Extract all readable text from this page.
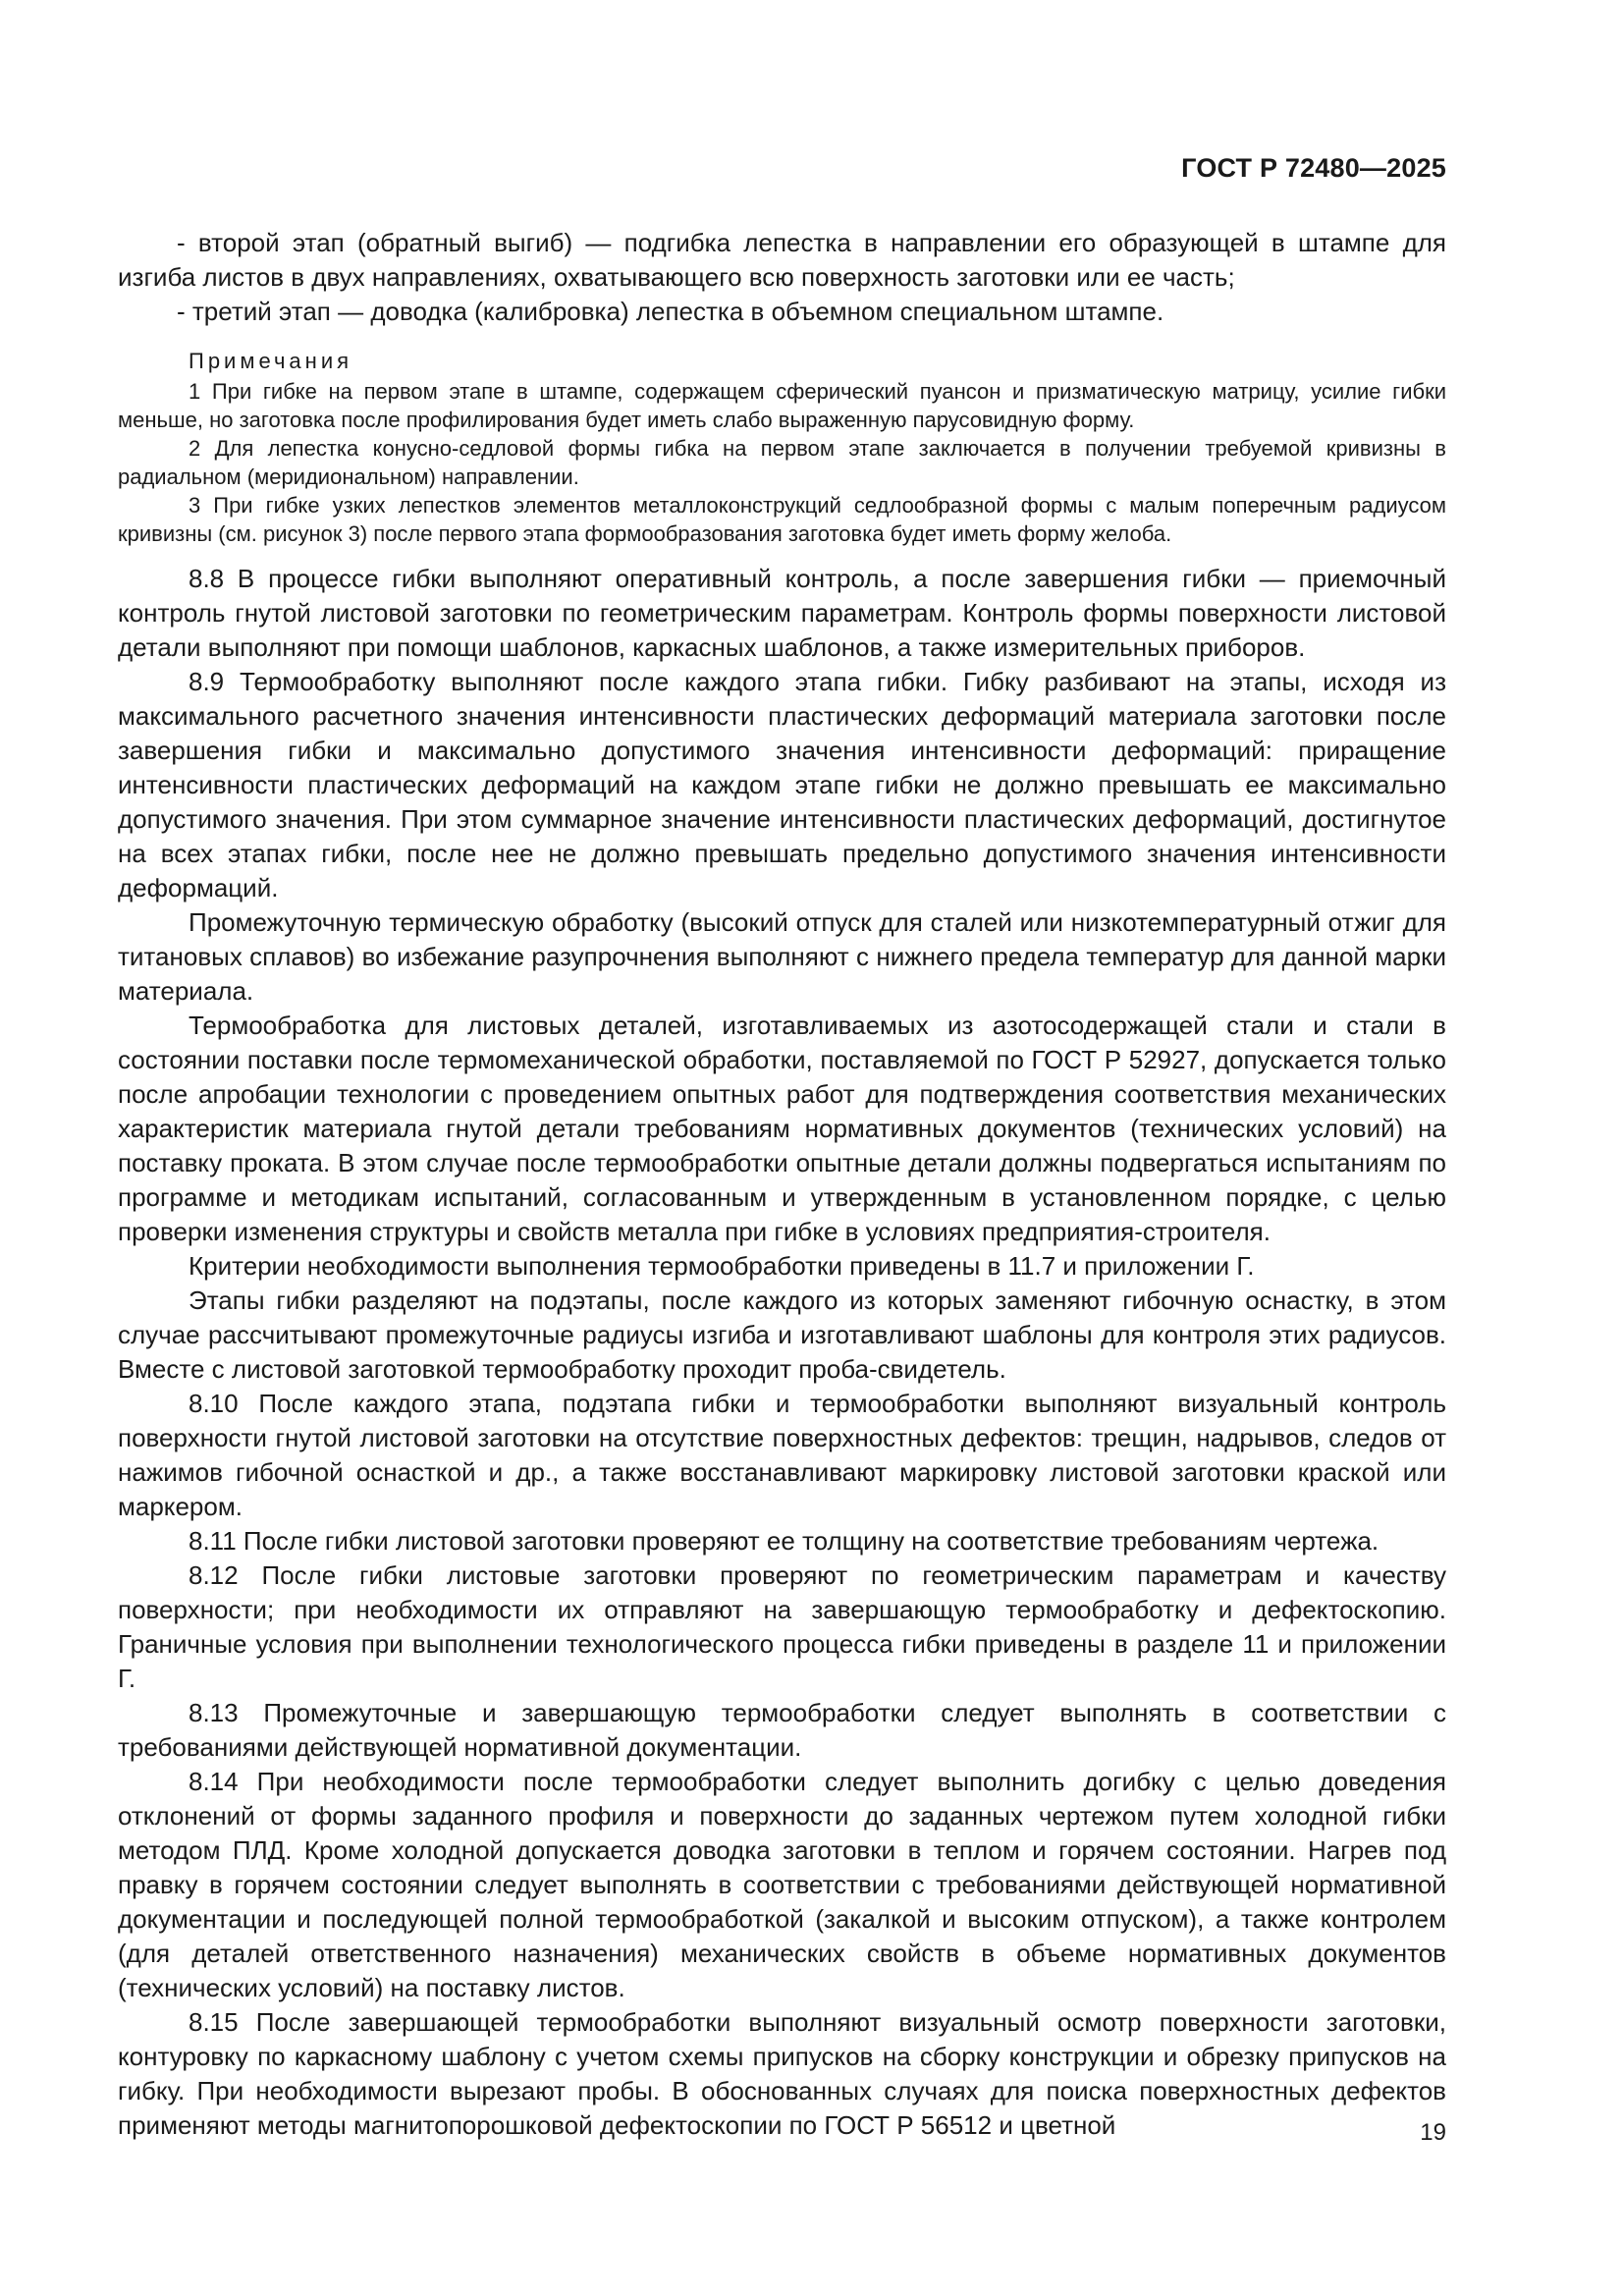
ГОСТ Р 72480—2025

- второй этап (обратный выгиб) — подгибка лепестка в направлении его образующей в штампе для изгиба листов в двух направлениях, охватывающего всю поверхность заготовки или ее часть;

- третий этап — доводка (калибровка) лепестка в объемном специальном штампе.

Примечания

1 При гибке на первом этапе в штампе, содержащем сферический пуансон и призматическую матрицу, усилие гибки меньше, но заготовка после профилирования будет иметь слабо выраженную парусовидную форму.

2 Для лепестка конусно-седловой формы гибка на первом этапе заключается в получении требуемой кривизны в радиальном (меридиональном) направлении.

3 При гибке узких лепестков элементов металлоконструкций седлообразной формы с малым поперечным радиусом кривизны (см. рисунок 3) после первого этапа формообразования заготовка будет иметь форму желоба.

8.8 В процессе гибки выполняют оперативный контроль, а после завершения гибки — приемочный контроль гнутой листовой заготовки по геометрическим параметрам. Контроль формы поверхности листовой детали выполняют при помощи шаблонов, каркасных шаблонов, а также измерительных приборов.

8.9 Термообработку выполняют после каждого этапа гибки. Гибку разбивают на этапы, исходя из максимального расчетного значения интенсивности пластических деформаций материала заготовки после завершения гибки и максимально допустимого значения интенсивности деформаций: приращение интенсивности пластических деформаций на каждом этапе гибки не должно превышать ее максимально допустимого значения. При этом суммарное значение интенсивности пластических деформаций, достигнутое на всех этапах гибки, после нее не должно превышать предельно допустимого значения интенсивности деформаций.

Промежуточную термическую обработку (высокий отпуск для сталей или низкотемпературный отжиг для титановых сплавов) во избежание разупрочнения выполняют с нижнего предела температур для данной марки материала.

Термообработка для листовых деталей, изготавливаемых из азотосодержащей стали и стали в состоянии поставки после термомеханической обработки, поставляемой по ГОСТ Р 52927, допускается только после апробации технологии с проведением опытных работ для подтверждения соответствия механических характеристик материала гнутой детали требованиям нормативных документов (технических условий) на поставку проката. В этом случае после термообработки опытные детали должны подвергаться испытаниям по программе и методикам испытаний, согласованным и утвержденным в установленном порядке, с целью проверки изменения структуры и свойств металла при гибке в условиях предприятия-строителя.

Критерии необходимости выполнения термообработки приведены в 11.7 и приложении Г.

Этапы гибки разделяют на подэтапы, после каждого из которых заменяют гибочную оснастку, в этом случае рассчитывают промежуточные радиусы изгиба и изготавливают шаблоны для контроля этих радиусов. Вместе с листовой заготовкой термообработку проходит проба-свидетель.

8.10 После каждого этапа, подэтапа гибки и термообработки выполняют визуальный контроль поверхности гнутой листовой заготовки на отсутствие поверхностных дефектов: трещин, надрывов, следов от нажимов гибочной оснасткой и др., а также восстанавливают маркировку листовой заготовки краской или маркером.

8.11 После гибки листовой заготовки проверяют ее толщину на соответствие требованиям чертежа.

8.12 После гибки листовые заготовки проверяют по геометрическим параметрам и качеству поверхности; при необходимости их отправляют на завершающую термообработку и дефектоскопию. Граничные условия при выполнении технологического процесса гибки приведены в разделе 11 и приложении Г.

8.13 Промежуточные и завершающую термообработки следует выполнять в соответствии с требованиями действующей нормативной документации.

8.14 При необходимости после термообработки следует выполнить догибку с целью доведения отклонений от формы заданного профиля и поверхности до заданных чертежом путем холодной гибки методом ПЛД. Кроме холодной допускается доводка заготовки в теплом и горячем состоянии. Нагрев под правку в горячем состоянии следует выполнять в соответствии с требованиями действующей нормативной документации и последующей полной термообработкой (закалкой и высоким отпуском), а также контролем (для деталей ответственного назначения) механических свойств в объеме нормативных документов (технических условий) на поставку листов.

8.15 После завершающей термообработки выполняют визуальный осмотр поверхности заготовки, контуровку по каркасному шаблону с учетом схемы припусков на сборку конструкции и обрезку припусков на гибку. При необходимости вырезают пробы. В обоснованных случаях для поиска поверхностных дефектов применяют методы магнитопорошковой дефектоскопии по ГОСТ Р 56512 и цветной	19
